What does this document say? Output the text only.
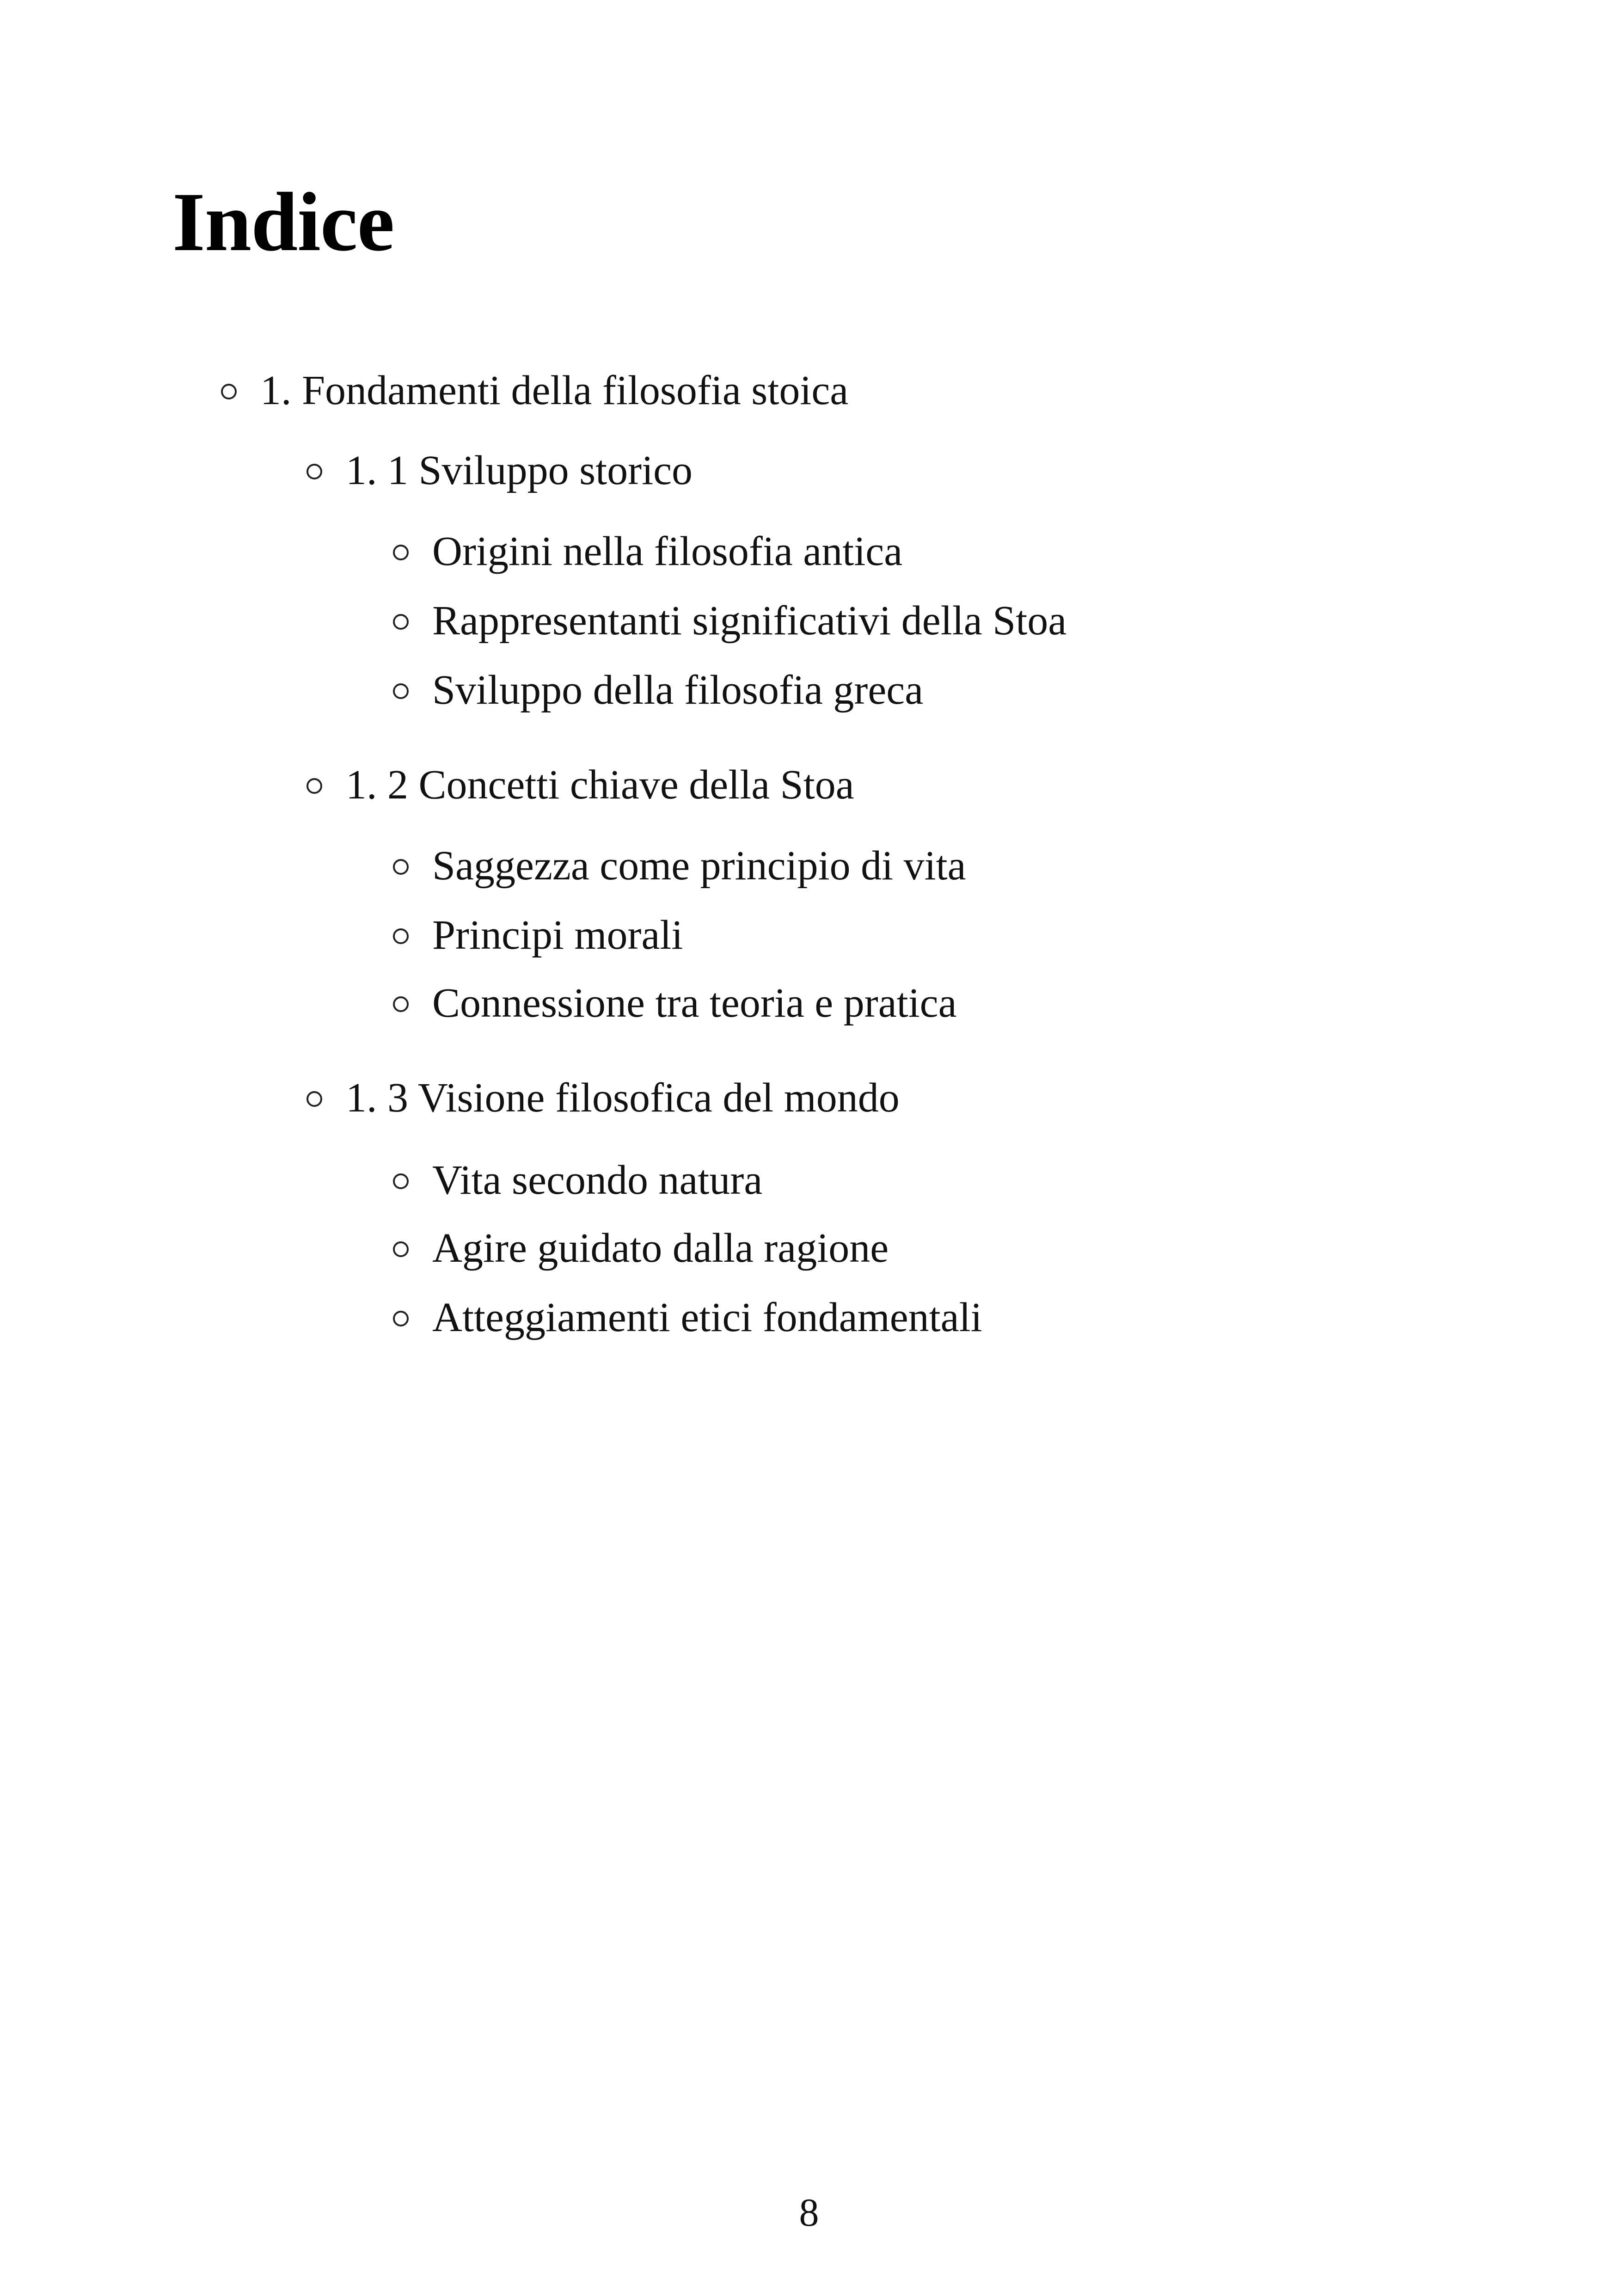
Indice
1. Fondamenti della filosofia stoica
1. 1 Sviluppo storico
Origini nella filosofia antica
Rappresentanti significativi della Stoa
Sviluppo della filosofia greca
1. 2 Concetti chiave della Stoa
Saggezza come principio di vita
Principi morali
Connessione tra teoria e pratica
1. 3 Visione filosofica del mondo
Vita secondo natura
Agire guidato dalla ragione
Atteggiamenti etici fondamentali
8
